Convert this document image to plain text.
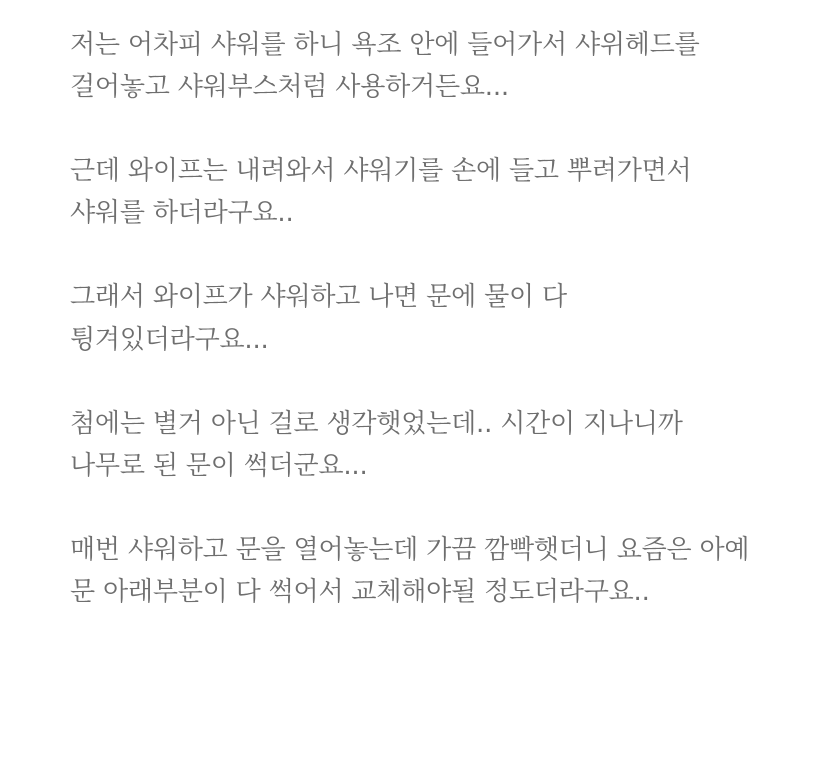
저는 어차피 샤워를 하니 욕조 안에 들어가서 샤위헤드를 걸어놓고 샤워부스처럼 사용하거든요...

근데 와이프는 내려와서 샤워기를 손에 들고 뿌려가면서 샤워를 하더라구요..

그래서 와이프가 샤워하고 나면 문에 물이 다 튕겨있더라구요...

첨에는 별거 아닌 걸로 생각햇었는데.. 시간이 지나니까 나무로 된 문이 썩더군요...

매번 샤워하고 문을 열어놓는데 가끔 깜빡햇더니 요즘은 아예 문 아래부분이 다 썩어서 교체해야될 정도더라구요..
